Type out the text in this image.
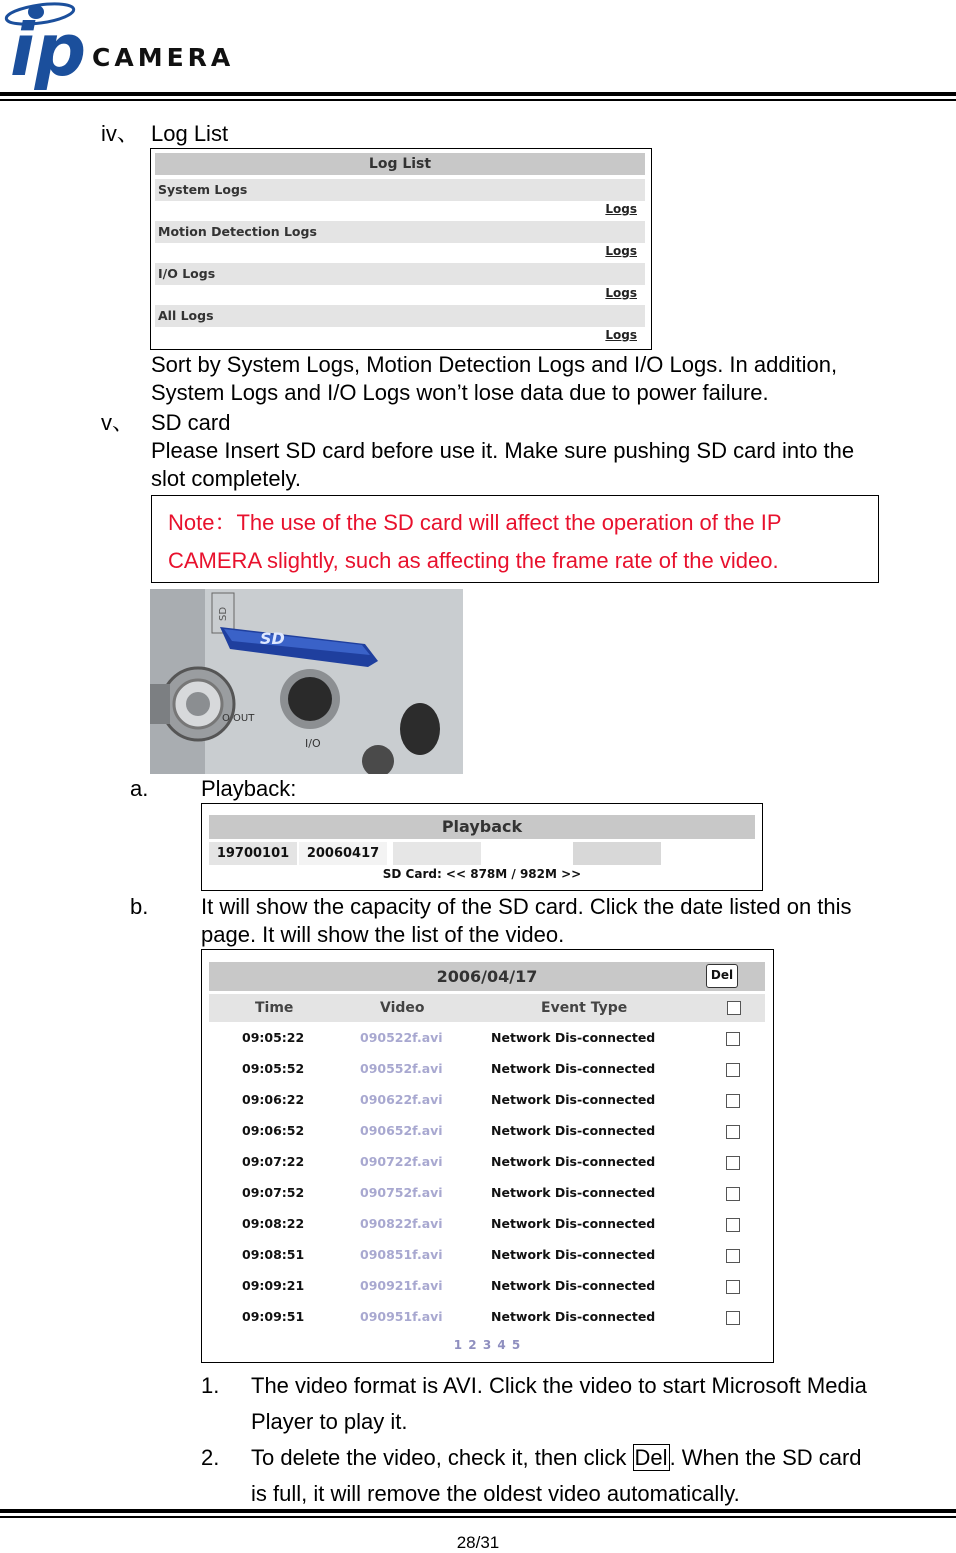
ip CAMERA
iv、 Log List
Log List
System Logs
Logs
Motion Detection Logs
Logs
I/O Logs
Logs
All Logs
Logs
Sort by System Logs, Motion Detection Logs and I/O Logs. In addition,
System Logs and I/O Logs won’t lose data due to power failure.
v、 SD card
Please Insert SD card before use it. Make sure pushing SD card into the
slot completely.
Note：The use of the SD card will affect the operation of the IP
CAMERA slightly, such as affecting the frame rate of the video.
SD
SD
O OUT
I/O
a. Playback:
Playback
19700101	20060417
SD Card: << 878M / 982M >>
b. It will show the capacity of the SD card. Click the date listed on this
page. It will show the list of the video.
2006/04/17	Del
Time	Video	Event Type
09:05:22	090522f.avi	Network Dis-connected
09:05:52	090552f.avi	Network Dis-connected
09:06:22	090622f.avi	Network Dis-connected
09:06:52	090652f.avi	Network Dis-connected
09:07:22	090722f.avi	Network Dis-connected
09:07:52	090752f.avi	Network Dis-connected
09:08:22	090822f.avi	Network Dis-connected
09:08:51	090851f.avi	Network Dis-connected
09:09:21	090921f.avi	Network Dis-connected
09:09:51	090951f.avi	Network Dis-connected
1 2 3 4 5
1. The video format is AVI. Click the video to start Microsoft Media
Player to play it.
2. To delete the video, check it, then click Del. When the SD card
is full, it will remove the oldest video automatically.
28/31
